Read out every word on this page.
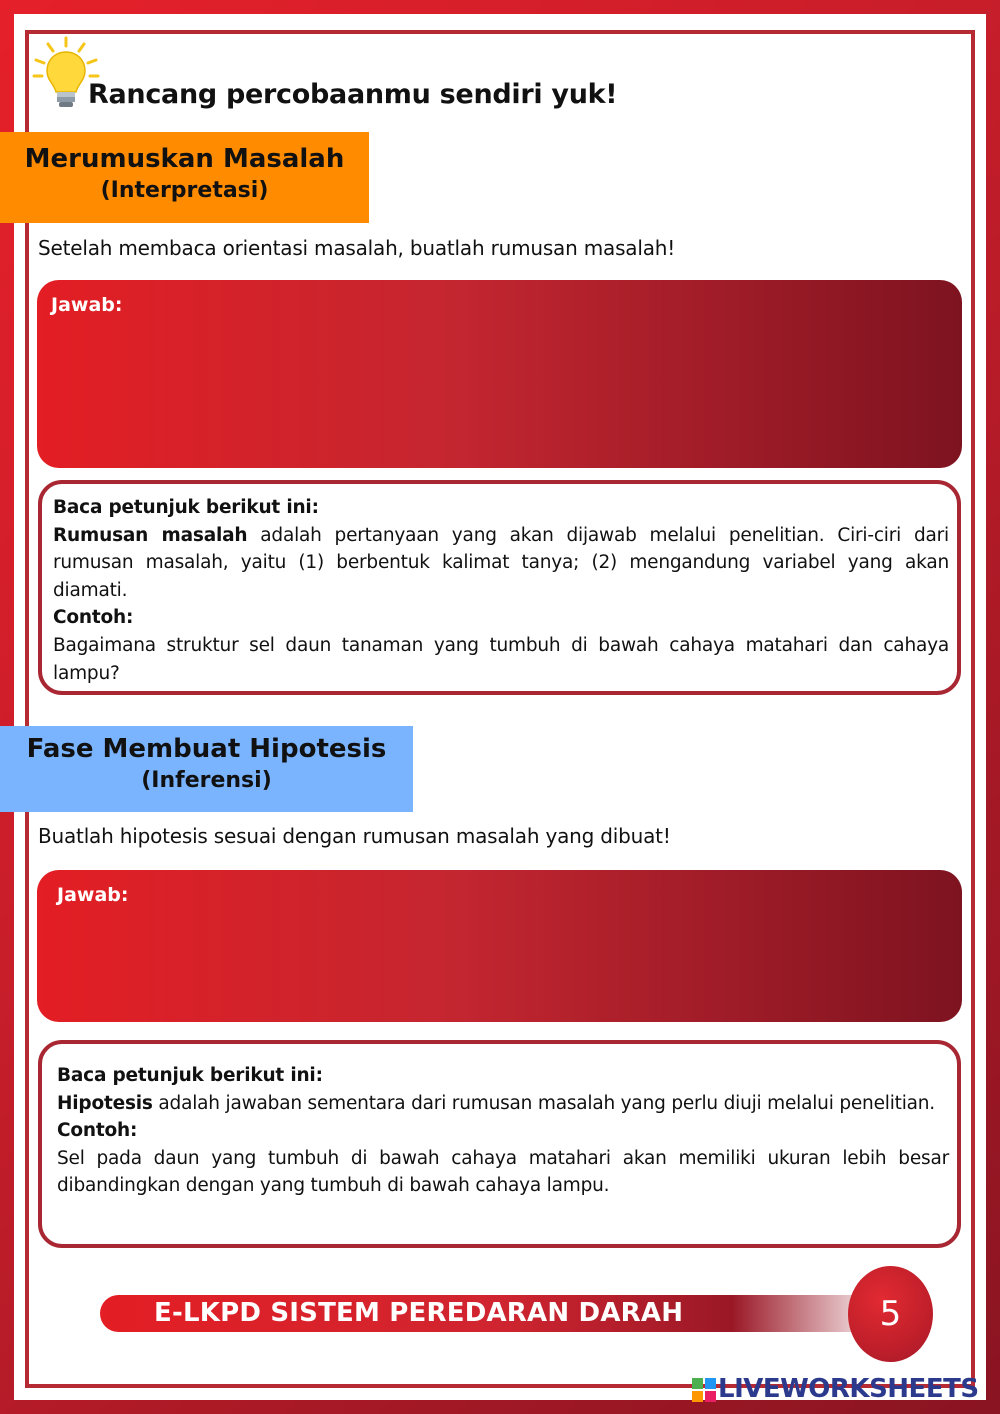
Rancang percobaanmu sendiri yuk!
Merumuskan Masalah
(Interpretasi)
Setelah membaca orientasi masalah, buatlah rumusan masalah!
Jawab:

Baca petunjuk berikut ini:

Rumusan masalah adalah pertanyaan yang akan dijawab melalui penelitian. Ciri-ciri dari rumusan masalah, yaitu (1) berbentuk kalimat tanya; (2) mengandung variabel yang akan diamati.

Contoh:

Bagaimana struktur sel daun tanaman yang tumbuh di bawah cahaya matahari dan cahaya lampu?

Fase Membuat Hipotesis
(Inferensi)
Buatlah hipotesis sesuai dengan rumusan masalah yang dibuat!
Jawab:

Baca petunjuk berikut ini:

Hipotesis adalah jawaban sementara dari rumusan masalah yang perlu diuji melalui penelitian.

Contoh:

Sel pada daun yang tumbuh di bawah cahaya matahari akan memiliki ukuran lebih besar dibandingkan dengan yang tumbuh di bawah cahaya lampu.

E-LKPD SISTEM PEREDARAN DARAH	5
LIVEWORKSHEETS
